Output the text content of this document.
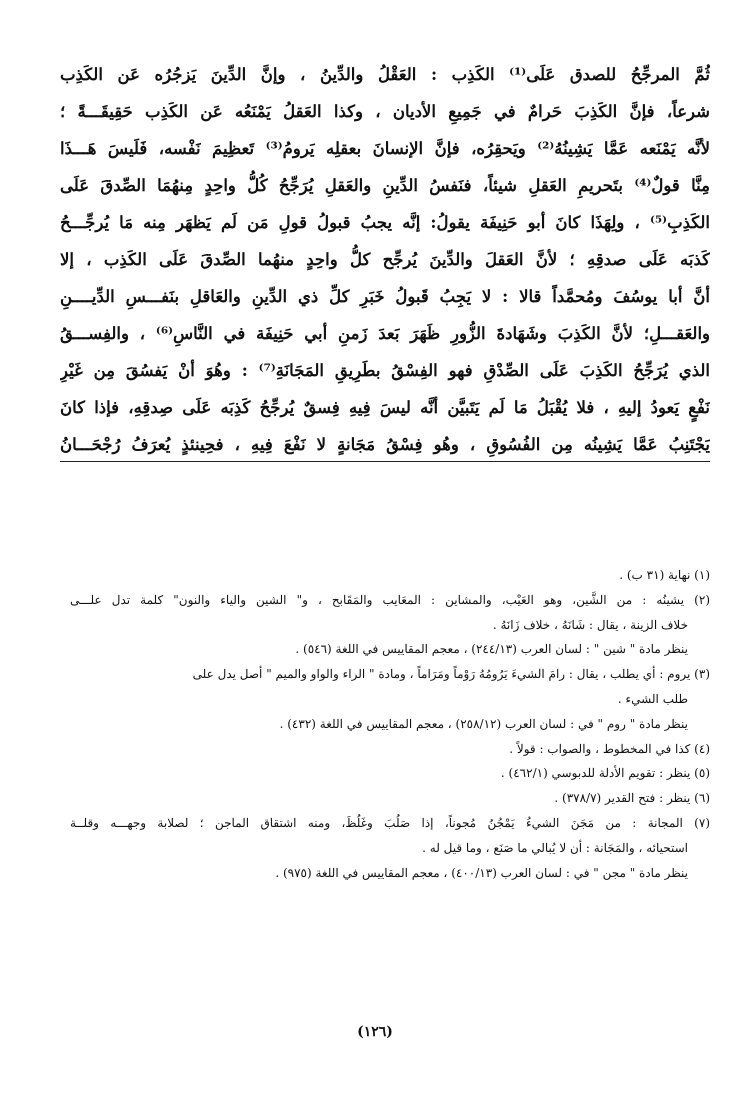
ثُمَّ المرجِّحُ للصدق عَلَى⁽¹⁾ الكَذِب : العَقْلُ والدِّينُ ، وإنَّ الدِّينَ يَزجُرُه عَن الكَذِب
شرعاً، فإنَّ الكَذِبَ حَرامٌ في جَمِيعِ الأديان ، وكذا العَقلُ يَمْنَعُه عَن الكَذِب حَقِيقَـــةً ؛
لأنَّه يَمْنَعه عَمَّا يَشِينُهُ⁽²⁾ ويَحقِرُه، فإنَّ الإنسانَ بعقلِه يَرومُ⁽³⁾ تَعظِيمَ نَفْسه، فَلَيسَ هَـــذَا
مِنَّا قولٌ⁽⁴⁾ بتَحريمِ العَقلِ شيئاً، فنَفسُ الدِّينِ والعَقلِ يُرَجِّحُ كُلُّ واحِدٍ مِنهُمَا الصِّدقَ عَلَى
الكَذِبِ⁽⁵⁾ ، ولِهَذَا كانَ أبو حَنِيفَة يقولُ: إنَّه يجبُ قبولُ قولِ مَن لَم يَظهَر مِنه مَا يُرجِّـــحُ
كَذبَه عَلَى صدقِهِ ؛ لأنَّ العَقلَ والدِّينَ يُرجِّح كلُّ واحِدٍ منهُما الصِّدقَ عَلَى الكَذِب ، إلا
أنَّ أبا يوسُفَ ومُحمَّداً قالا : لا يَجِبُ قَبولُ خَبَرِ كلِّ ذي الدِّينِ والعَاقلِ بنَفـــسِ الدِّيــــنِ
والعَقـــلِ؛ لأنَّ الكَذِبَ وشَهَادةَ الزُّورِ ظَهَرَ بَعدَ زَمنِ أبي حَنِيفَة في النَّاسِ⁽⁶⁾ ، والفِســـقُ
الذي يُرَجِّحُ الكَذِبَ عَلَى الصِّدْقِ فهو الفِسْقُ بطَرِيقِ المَجَانَةِ⁽⁷⁾ : وهُوَ أنْ يَفسُقَ مِن غَيْرِ
نَفْعٍ يَعودُ إليهِ ، فلا يُقْبَلُ مَا لَم يَتَبيَّن أنَّه ليسَ فِيهِ فِسقٌ يُرجِّحُ كَذِبَه عَلَى صِدقِهِ، فإذا كانَ
يَجْتَنِبُ عَمَّا يَشِينُه مِن الفُسُوقِ ، وهُو فِسْقُ مَجَانةٍ لا نَفْعَ فِيهِ ، فحِينئذٍ يُعرَفُ رُجْحَـــانُ
(١) نهاية (٣١ ب) .
(٢) يشينُه : من الشَّين، وهو العَيْب، والمشاين : المعَايب والمَقَابح ، و" الشين والياء والنون" كلمة تدل علـــى
خلاف الزينة ، يقال : شَانَهُ ، خلاف زَانَهُ .
ينظر مادة " شين " : لسان العرب (٢٤٤/١٣) ، معجم المقاييس في اللغة (٥٤٦) .
(٣) يروم : أي يطلب ، يقال : رامَ الشيءَ يَرُومُهُ رَوْماً ومَرَاماً ، ومادة " الراء والواو والميم " أصل يدل على
طلب الشيء .
ينظر مادة " روم " في : لسان العرب (٢٥٨/١٢) ، معجم المقاييس في اللغة (٤٣٢) .
(٤) كذا في المخطوط ، والصواب : قولاً .
(٥) ينظر : تقويم الأدلة للدبوسي (٤٦٢/١) .
(٦) ينظر : فتح القدير (٣٧٨/٧) .
(٧) المجانة : من مَجَنَ الشيءُ يَمْجُنُ مُجوناً، إذا صَلُبَ وغَلُظَ، ومنه اشتقاق الماجن ؛ لصلابة وجهـــه وقلــة
استحيائه ، والمَجَانة : أن لا يُبالي ما صَنَع ، وما قيل له .
ينظر مادة " مجن " في : لسان العرب (٤٠٠/١٣) ، معجم المقاييس في اللغة (٩٧٥) .
(١٢٦)
